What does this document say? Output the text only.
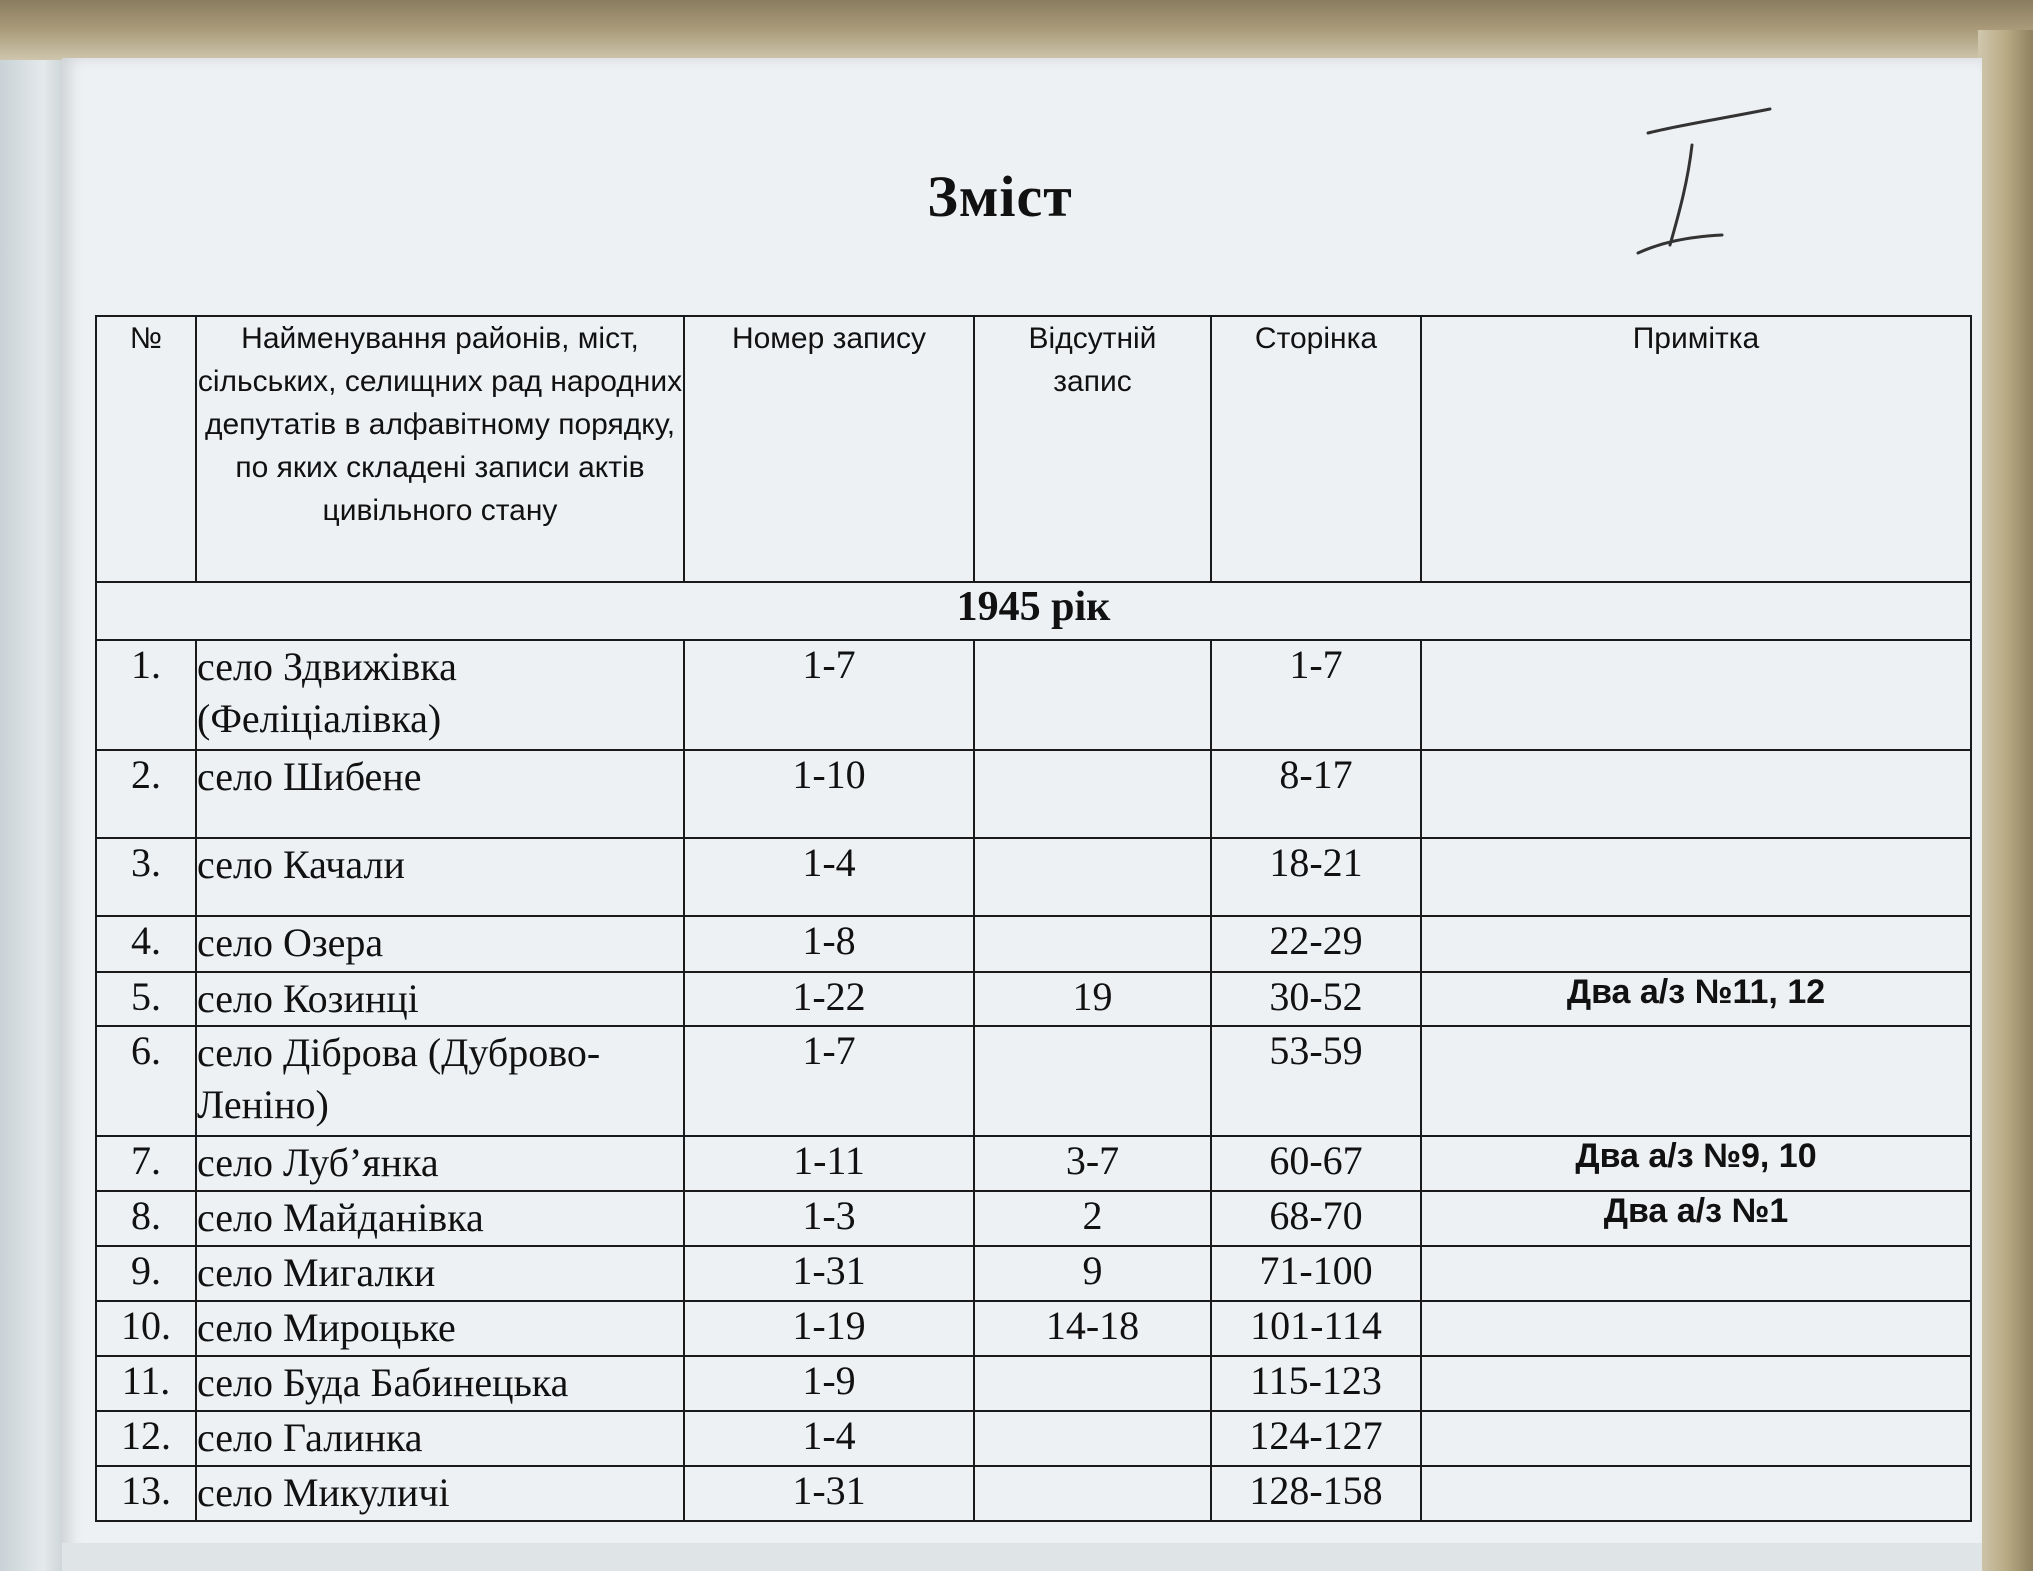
Зміст
№	Найменування районів, міст, сільських, селищних рад народних депутатів в алфавітному порядку, по яких складені записи актів цивільного стану	Номер запису	Відсутній запис	Сторінка	Примітка
1945 рік					
1.	село Здвижівка (Феліціалівка)	1-7		1-7	
2.	село Шибене	1-10		8-17	
3.	село Качали	1-4		18-21	
4.	село Озера	1-8		22-29	
5.	село Козинці	1-22	19	30-52	Два а/з №11, 12
6.	село Діброва (Дуброво-Леніно)	1-7		53-59	
7.	село Луб’янка	1-11	3-7	60-67	Два а/з №9, 10
8.	село Майданівка	1-3	2	68-70	Два а/з №1
9.	село Мигалки	1-31	9	71-100	
10.	село Мироцьке	1-19	14-18	101-114	
11.	село Буда Бабинецька	1-9		115-123	
12.	село Галинка	1-4		124-127	
13.	село Микуличі	1-31		128-158	
